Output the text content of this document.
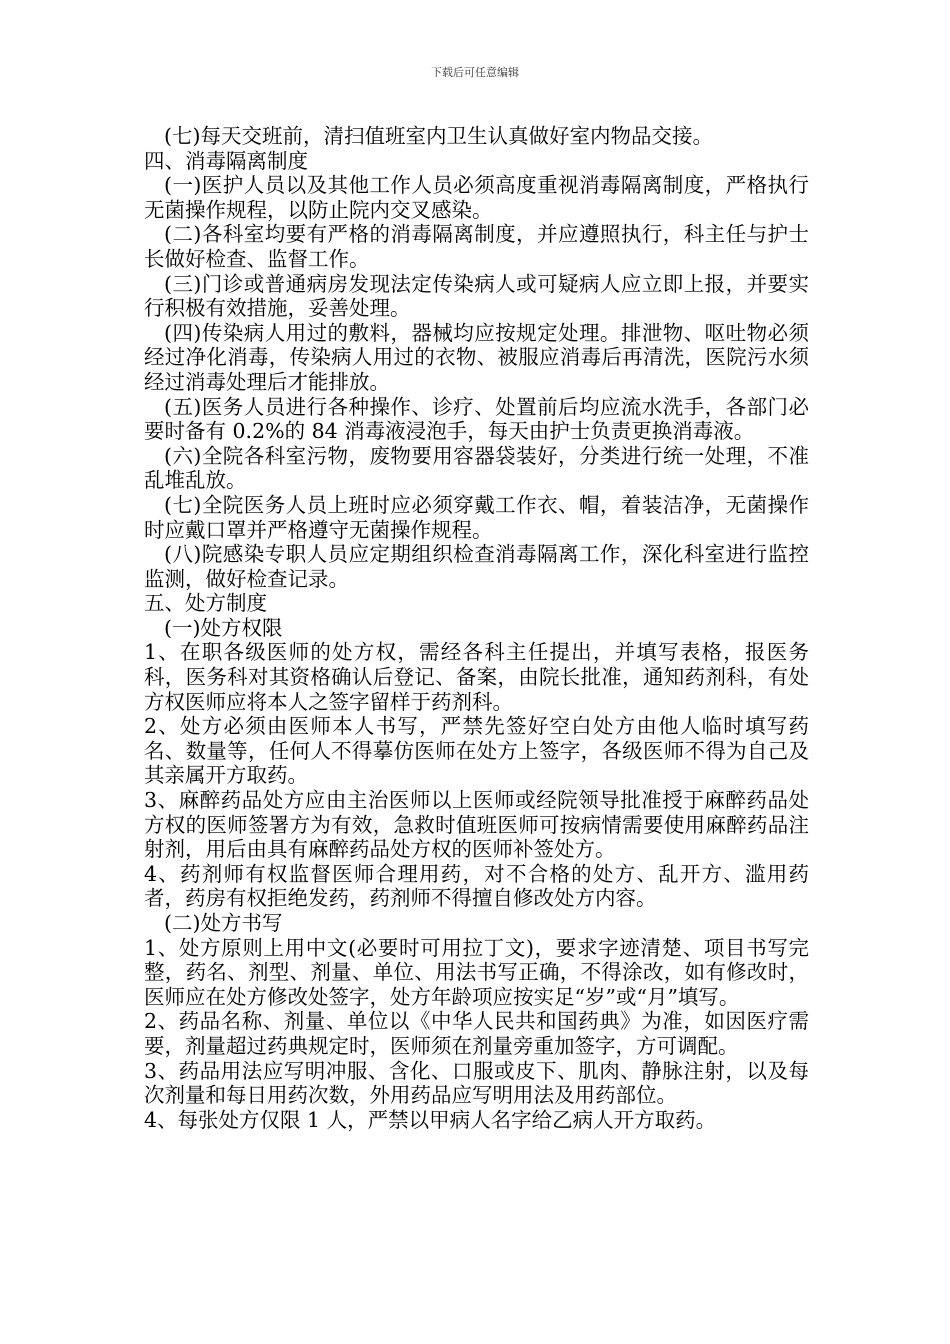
下载后可任意编辑

(七)每天交班前，清扫值班室内卫生认真做好室内物品交接。

四、消毒隔离制度

(一)医护人员以及其他工作人员必须高度重视消毒隔离制度，严格执行无菌操作规程，以防止院内交叉感染。

(二)各科室均要有严格的消毒隔离制度，并应遵照执行，科主任与护士长做好检查、监督工作。

(三)门诊或普通病房发现法定传染病人或可疑病人应立即上报，并要实行积极有效措施，妥善处理。

(四)传染病人用过的敷料，器械均应按规定处理。排泄物、呕吐物必须经过净化消毒，传染病人用过的衣物、被服应消毒后再清洗，医院污水须经过消毒处理后才能排放。

(五)医务人员进行各种操作、诊疗、处置前后均应流水洗手，各部门必要时备有 0.2%的 84 消毒液浸泡手，每天由护士负责更换消毒液。

(六)全院各科室污物，废物要用容器袋装好，分类进行统一处理，不准乱堆乱放。

(七)全院医务人员上班时应必须穿戴工作衣、帽，着装洁净，无菌操作时应戴口罩并严格遵守无菌操作规程。

(八)院感染专职人员应定期组织检查消毒隔离工作，深化科室进行监控监测，做好检查记录。

五、处方制度

(一)处方权限

1、在职各级医师的处方权，需经各科主任提出，并填写表格，报医务科，医务科对其资格确认后登记、备案，由院长批准，通知药剂科，有处方权医师应将本人之签字留样于药剂科。

2、处方必须由医师本人书写，严禁先签好空白处方由他人临时填写药名、数量等，任何人不得摹仿医师在处方上签字，各级医师不得为自己及其亲属开方取药。

3、麻醉药品处方应由主治医师以上医师或经院领导批准授于麻醉药品处方权的医师签署方为有效，急救时值班医师可按病情需要使用麻醉药品注射剂，用后由具有麻醉药品处方权的医师补签处方。

4、药剂师有权监督医师合理用药，对不合格的处方、乱开方、滥用药者，药房有权拒绝发药，药剂师不得擅自修改处方内容。

(二)处方书写

1、处方原则上用中文(必要时可用拉丁文)，要求字迹清楚、项目书写完整，药名、剂型、剂量、单位、用法书写正确，不得涂改，如有修改时，医师应在处方修改处签字，处方年龄项应按实足“岁”或“月”填写。

2、药品名称、剂量、单位以《中华人民共和国药典》为准，如因医疗需要，剂量超过药典规定时，医师须在剂量旁重加签字，方可调配。

3、药品用法应写明冲服、含化、口服或皮下、肌肉、静脉注射，以及每次剂量和每日用药次数，外用药品应写明用法及用药部位。

4、每张处方仅限 1 人，严禁以甲病人名字给乙病人开方取药。
